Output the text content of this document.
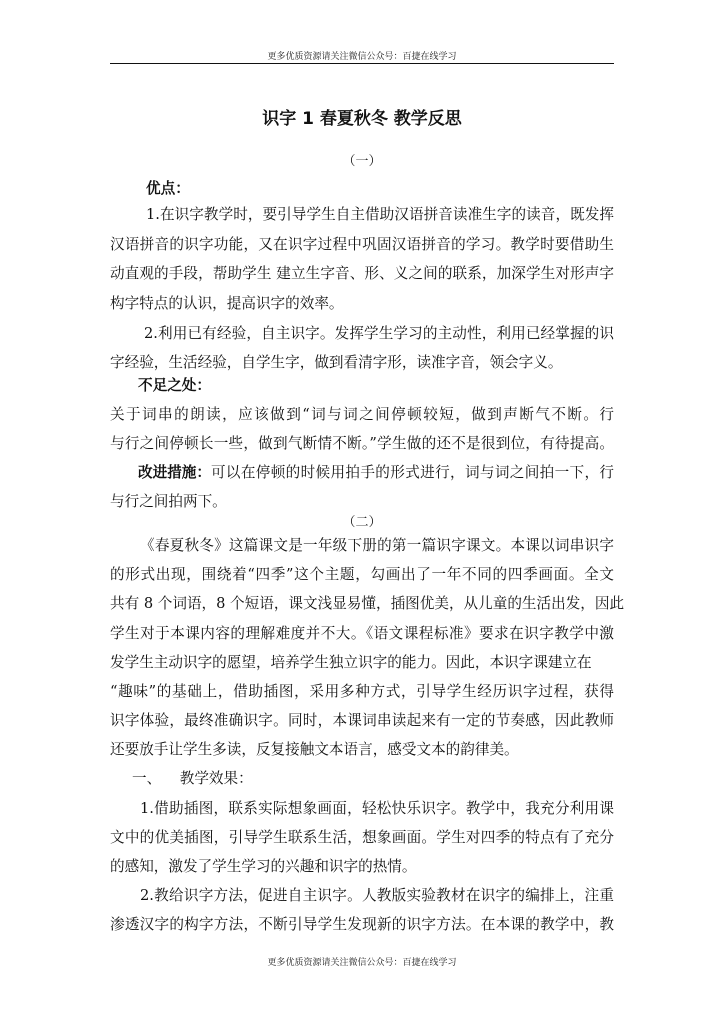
更多优质资源请关注微信公众号：百捷在线学习
识字 1 春夏秋冬 教学反思
（一）
优点：
1.在识字教学时，要引导学生自主借助汉语拼音读准生字的读音，既发挥
汉语拼音的识字功能，又在识字过程中巩固汉语拼音的学习。教学时要借助生
动直观的手段，帮助学生 建立生字音、形、义之间的联系，加深学生对形声字
构字特点的认识，提高识字的效率。
2.利用已有经验，自主识字。发挥学生学习的主动性，利用已经掌握的识
字经验，生活经验，自学生字，做到看清字形，读准字音，领会字义。
不足之处：
关于词串的朗读，应该做到“词与词之间停顿较短，做到声断气不断。行
与行之间停顿长一些，做到气断情不断。”学生做的还不是很到位，有待提高。
改进措施： 可以在停顿的时候用拍手的形式进行，词与词之间拍一下，行
与行之间拍两下。
（二）
《春夏秋冬》这篇课文是一年级下册的第一篇识字课文。本课以词串识字
的形式出现，围绕着“四季”这个主题，勾画出了一年不同的四季画面。全文
共有 8 个词语，8 个短语，课文浅显易懂，插图优美，从儿童的生活出发，因此
学生对于本课内容的理解难度并不大。《语文课程标准》要求在识字教学中激
发学生主动识字的愿望，培养学生独立识字的能力。因此，本识字课建立在
“趣味”的基础上，借助插图，采用多种方式，引导学生经历识字过程，获得
识字体验，最终准确识字。同时，本课词串读起来有一定的节奏感，因此教师
还要放手让学生多读，反复接触文本语言，感受文本的韵律美。
一、    教学效果：
1.借助插图，联系实际想象画面，轻松快乐识字。教学中，我充分利用课
文中的优美插图，引导学生联系生活，想象画面。学生对四季的特点有了充分
的感知，激发了学生学习的兴趣和识字的热情。
2.教给识字方法，促进自主识字。人教版实验教材在识字的编排上，注重
渗透汉字的构字方法，不断引导学生发现新的识字方法。在本课的教学中，教
更多优质资源请关注微信公众号：百捷在线学习
